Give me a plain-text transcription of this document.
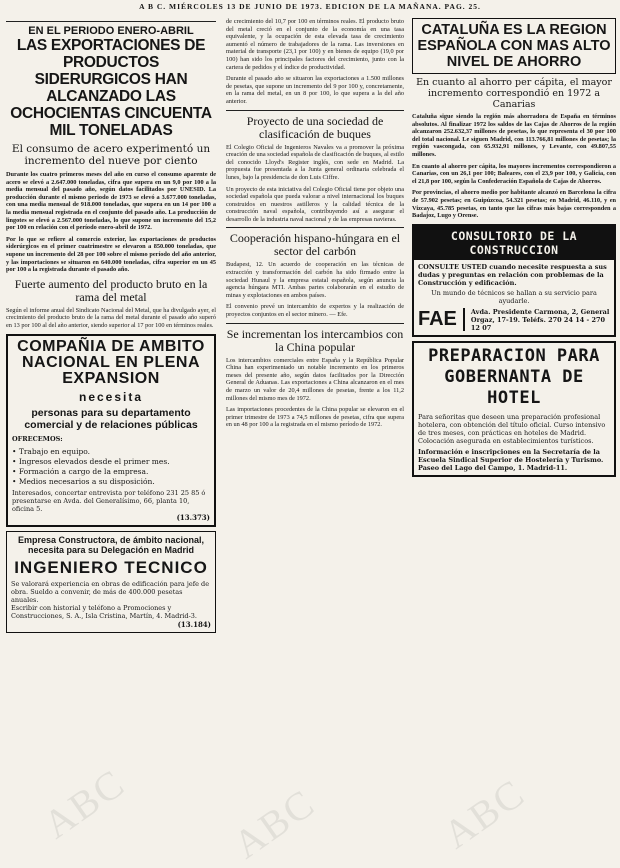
A B C. MIÉRCOLES 13 DE JUNIO DE 1973. EDICION DE LA MAÑANA. PAG. 25.
EN EL PERIODO ENERO-ABRIL
LAS EXPORTACIONES DE PRODUCTOS SIDERURGICOS HAN ALCANZADO LAS OCHOCIENTAS CINCUENTA MIL TONELADAS
El consumo de acero experimentó un incremento del nueve por ciento

Durante los cuatro primeros meses del año en curso el consumo aparente de acero se elevó a 2.647.000 toneladas, cifra que supera en un 9,0 por 100 a la media mensual del pasado año, según datos facilitados por UNESID. La producción durante el mismo periodo de 1973 se elevó a 3.677.000 toneladas, con una media mensual de 918.000 toneladas, que supera en un 14 por 100 a la media mensual registrada en el conjunto del pasado año. La producción de lingotes se elevó a 2.567.000 toneladas, lo que supone un incremento del 15,2 por 100 en relación con el período enero-abril de 1972.

Por lo que se refiere al comercio exterior, las exportaciones de productos siderúrgicos en el primer cuatrimestre se elevaron a 850.000 toneladas, que supone un incremento del 28 por 100 sobre el mismo período del año anterior, y las importaciones se situaron en 640.000 toneladas, cifra superior en un 45 por 100 a la registrada durante el pasado año.

Fuerte aumento del producto bruto en la rama del metal

Según el informe anual del Sindicato Nacional del Metal, que ha divulgado ayer, el crecimiento del producto bruto de la rama del metal durante el pasado año superó en 13 por 100 al del año anterior, siendo superior al 17 por 100 en términos reales.

COMPAÑIA DE AMBITO NACIONAL EN PLENA EXPANSION
necesita
personas para su departamento comercial y de relaciones públicas
OFRECEMOS:
• Trabajo en equipo.
• Ingresos elevados desde el primer mes.
• Formación a cargo de la empresa.
• Medios necesarios a su disposición.
Interesados, concertar entrevista por teléfono 231 25 85 ó presentarse en Avda. del Generalísimo, 66, planta 10, oficina 5.
(13.373)
Empresa Constructora, de ámbito nacional, necesita para su Delegación en Madrid
INGENIERO TECNICO
Se valorará experiencia en obras de edificación para jefe de obra. Sueldo a convenir, de más de 400.000 pesetas anuales.
Escribir con historial y teléfono a Promociones y Construcciones, S. A., Isla Cristina, Martín, 4. Madrid-3.
(13.184)

de crecimiento del 10,7 por 100 en términos reales. El producto bruto del metal creció en el conjunto de la economía en una tasa equivalente, y la ocupación de esta elevada tasa de crecimiento aumentó el número de trabajadores de la rama. Las inversiones en material de transporte (23,1 por 100) y en bienes de equipo (19,0 por 100) han sido los principales factores del crecimiento, junto con la cartera de pedidos y el índice de productividad.

Durante el pasado año se situaron las exportaciones a 1.500 millones de pesetas, que supone un incremento del 9 por 100 y, concretamente, en la rama del metal, en un 8 por 100, lo que supera a la del año anterior.

Proyecto de una sociedad de clasificación de buques

El Colegio Oficial de Ingenieros Navales va a promover la próxima creación de una sociedad española de clasificación de buques, al estilo del conocido Lloyd's Register inglés, con sede en Madrid. La propuesta fue presentada a la Junta general ordinaria celebrada el lunes, bajo la presidencia de don Luis Ciffre.

Un proyecto de esta iniciativa del Colegio Oficial tiene por objeto una sociedad española que pueda valorar a nivel internacional los buques construidos en nuestros astilleros y la calidad técnica de la construcción naval española, contribuyendo así a asegurar el desarrollo de la industria naval nacional y de las empresas navieras.

Cooperación hispano-húngara en el sector del carbón

Budapest, 12. Un acuerdo de cooperación en las técnicas de extracción y transformación del carbón ha sido firmado entre la sociedad Hunaul y la empresa estatal española, según anuncia la agencia húngara MTI. Ambas partes colaborarán en el estudio de minas y explotaciones en ambos países.

El convenio prevé un intercambio de expertos y la realización de proyectos conjuntos en el sector minero. — Efe.

Se incrementan los intercambios con la China popular

Los intercambios comerciales entre España y la República Popular China han experimentado un notable incremento en los primeros meses del presente año, según datos facilitados por la Dirección General de Aduanas. Las exportaciones a China alcanzaron en el mes de marzo un valor de 20,4 millones de pesetas, frente a los 11,2 millones del mismo mes de 1972.

Las importaciones procedentes de la China popular se elevaron en el primer trimestre de 1973 a 74,5 millones de pesetas, cifra que supera en un 48 por 100 a la registrada en el mismo período de 1972.

CATALUÑA ES LA REGION ESPAÑOLA CON MAS ALTO NIVEL DE AHORRO
En cuanto al ahorro per cápita, el mayor incremento correspondió en 1972 a Canarias

Cataluña sigue siendo la región más ahorradora de España en términos absolutos. Al finalizar 1972 los saldos de las Cajas de Ahorros de la región alcanzaron 252.632,37 millones de pesetas, lo que representa el 30 por 100 del total nacional. Le siguen Madrid, con 113.766,81 millones de pesetas; la región vascongada, con 65.932,91 millones, y Levante, con 49.807,55 millones.

En cuanto al ahorro per cápita, los mayores incrementos correspondieron a Canarias, con un 26,1 por 100; Baleares, con el 23,9 por 100, y Galicia, con el 21,8 por 100, según la Confederación Española de Cajas de Ahorros.

Por provincias, el ahorro medio por habitante alcanzó en Barcelona la cifra de 57.902 pesetas; en Guipúzcoa, 54.321 pesetas; en Madrid, 46.110, y en Vizcaya, 45.785 pesetas, en tanto que las cifras más bajas corresponden a Badajoz, Lugo y Orense.

CONSULTORIO DE LA CONSTRUCCION
CONSULTE USTED cuando necesite respuesta a sus dudas y preguntas en relación con problemas de la Construcción y edificación.
Un mundo de técnicos se hallan a su servicio para ayudarle.
FAE	Avda. Presidente Carmona, 2, General Orgaz, 17-19. Teléfs. 270 24 14 - 270 12 07
PREPARACION PARA GOBERNANTA DE HOTEL
Para señoritas que deseen una preparación profesional hotelera, con obtención del título oficial. Curso intensivo de tres meses, con prácticas en hoteles de Madrid. Colocación asegurada en establecimientos turísticos.
Información e inscripciones en la Secretaría de la Escuela Sindical Superior de Hostelería y Turismo. Paseo del Lago del Campo, 1. Madrid-11.
ABC ABC	ABC
